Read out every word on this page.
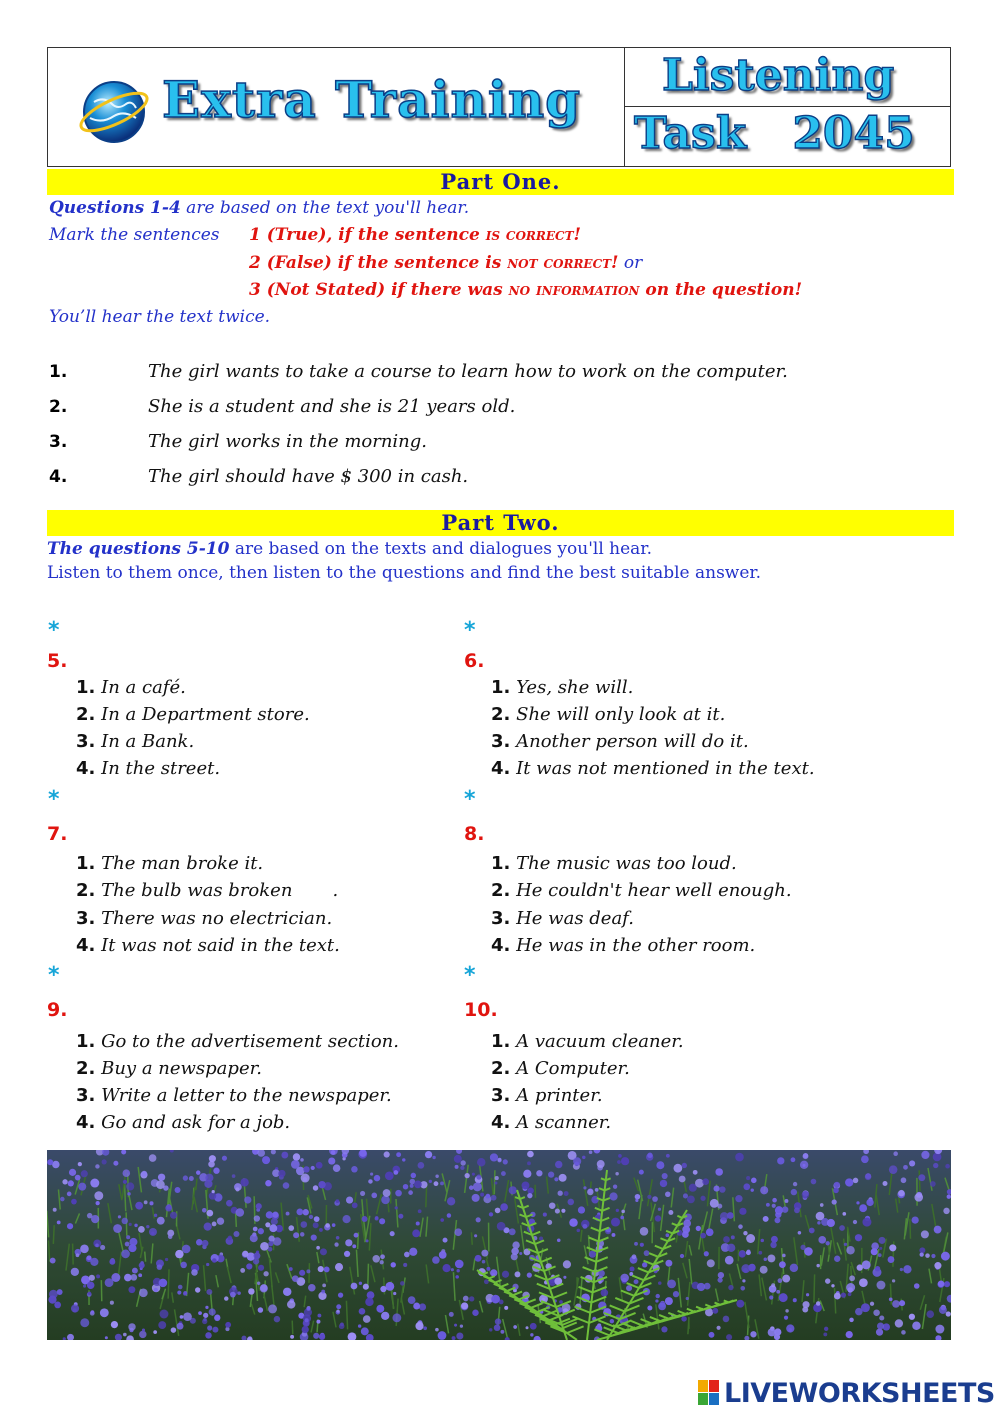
Extra Training Listening
Task 2045
Part One.
Questions 1-4 are based on the text you'll hear.
Mark the sentences 1 (True), if the sentence is correct!
2 (False) if the sentence is not correct! or
3 (Not Stated) if there was no information on the question!
You’ll hear the text twice.
1.	The girl wants to take a course to learn how to work on the computer.
2.	She is a student and she is 21 years old.
3.	The girl works in the morning.
4.	The girl should have $ 300 in cash.
Part Two.
The questions 5-10 are based on the texts and dialogues you'll hear.
Listen to them once, then listen to the questions and find the best suitable answer.
*
5.
1. In a café.
2. In a Department store.
3. In a Bank.
4. In the street.
*
7.
1. The man broke it.
2. The bulb was broken       .
3. There was no electrician.
4. It was not said in the text.
*
9.
1. Go to the advertisement section.
2. Buy a newspaper.
3. Write a letter to the newspaper.
4. Go and ask for a job.
*
6.
1. Yes, she will.
2. She will only look at it.
3. Another person will do it.
4. It was not mentioned in the text.
*
8.
1. The music was too loud.
2. He couldn't hear well enough.
3. He was deaf.
4. He was in the other room.
*
10.
1. A vacuum cleaner.
2. A Computer.
3. A printer.
4. A scanner.
LIVEWORKSHEETS
